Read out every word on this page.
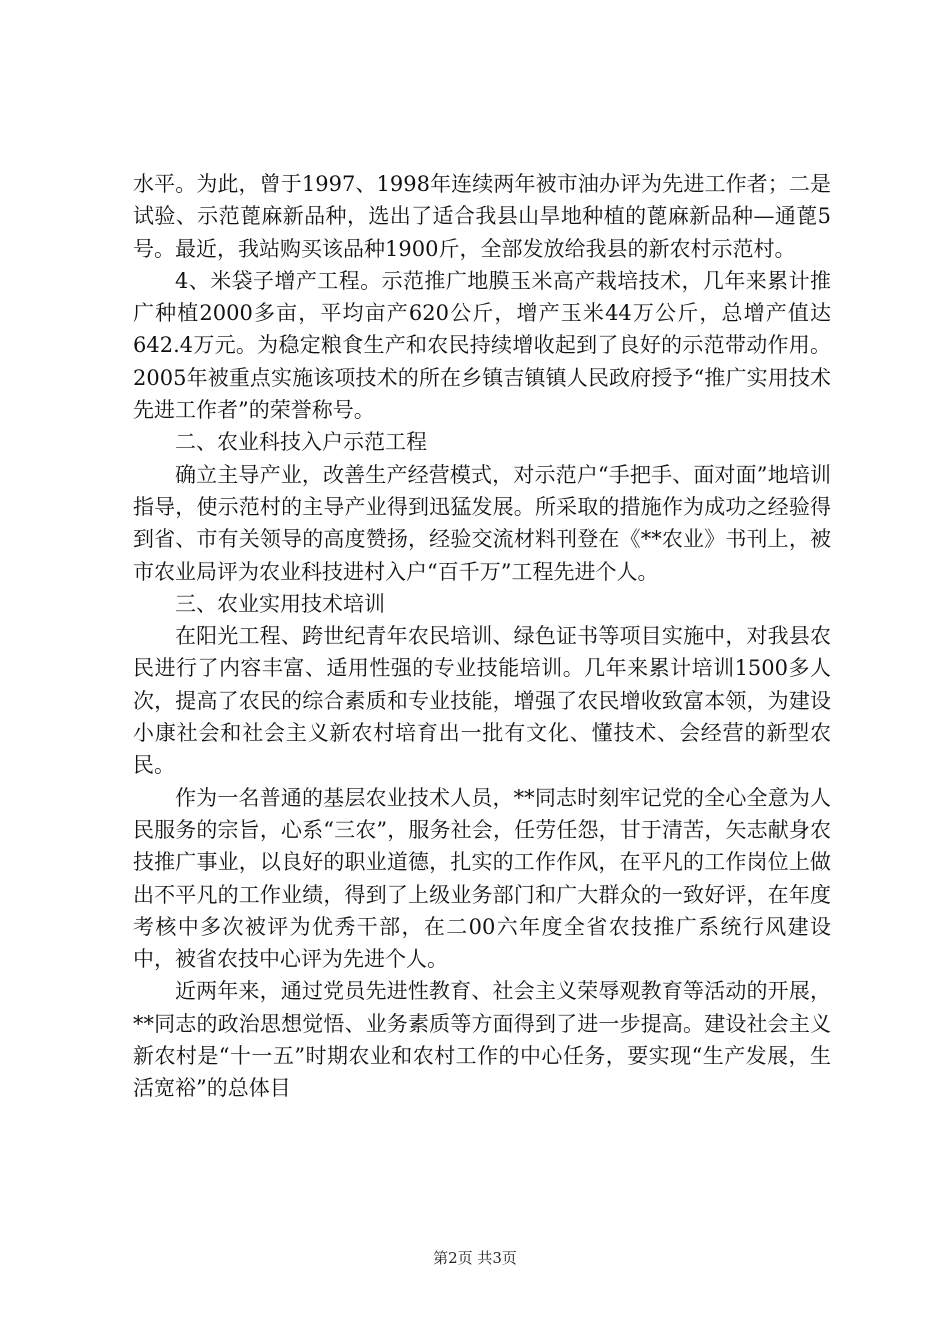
水平。为此，曾于1997、1998年连续两年被市油办评为先进工作者；二是试验、示范蓖麻新品种，选出了适合我县山旱地种植的蓖麻新品种—通蓖5号。最近，我站购买该品种1900斤，全部发放给我县的新农村示范村。

4、米袋子增产工程。示范推广地膜玉米高产栽培技术，几年来累计推广种植2000多亩，平均亩产620公斤，增产玉米44万公斤，总增产值达642.4万元。为稳定粮食生产和农民持续增收起到了良好的示范带动作用。2005年被重点实施该项技术的所在乡镇吉镇镇人民政府授予“推广实用技术先进工作者”的荣誉称号。

二、农业科技入户示范工程

确立主导产业，改善生产经营模式，对示范户“手把手、面对面”地培训指导，使示范村的主导产业得到迅猛发展。所采取的措施作为成功之经验得到省、市有关领导的高度赞扬，经验交流材料刊登在《**农业》书刊上，被市农业局评为农业科技进村入户“百千万”工程先进个人。

三、农业实用技术培训

在阳光工程、跨世纪青年农民培训、绿色证书等项目实施中，对我县农民进行了内容丰富、适用性强的专业技能培训。几年来累计培训1500多人次，提高了农民的综合素质和专业技能，增强了农民增收致富本领，为建设小康社会和社会主义新农村培育出一批有文化、懂技术、会经营的新型农民。

作为一名普通的基层农业技术人员，**同志时刻牢记党的全心全意为人民服务的宗旨，心系“三农”，服务社会，任劳任怨，甘于清苦，矢志献身农技推广事业，以良好的职业道德，扎实的工作作风，在平凡的工作岗位上做出不平凡的工作业绩，得到了上级业务部门和广大群众的一致好评，在年度考核中多次被评为优秀干部，在二00六年度全省农技推广系统行风建设中，被省农技中心评为先进个人。

近两年来，通过党员先进性教育、社会主义荣辱观教育等活动的开展，**同志的政治思想觉悟、业务素质等方面得到了进一步提高。建设社会主义新农村是“十一五”时期农业和农村工作的中心任务，要实现“生产发展，生活宽裕”的总体目

第2页 共3页
